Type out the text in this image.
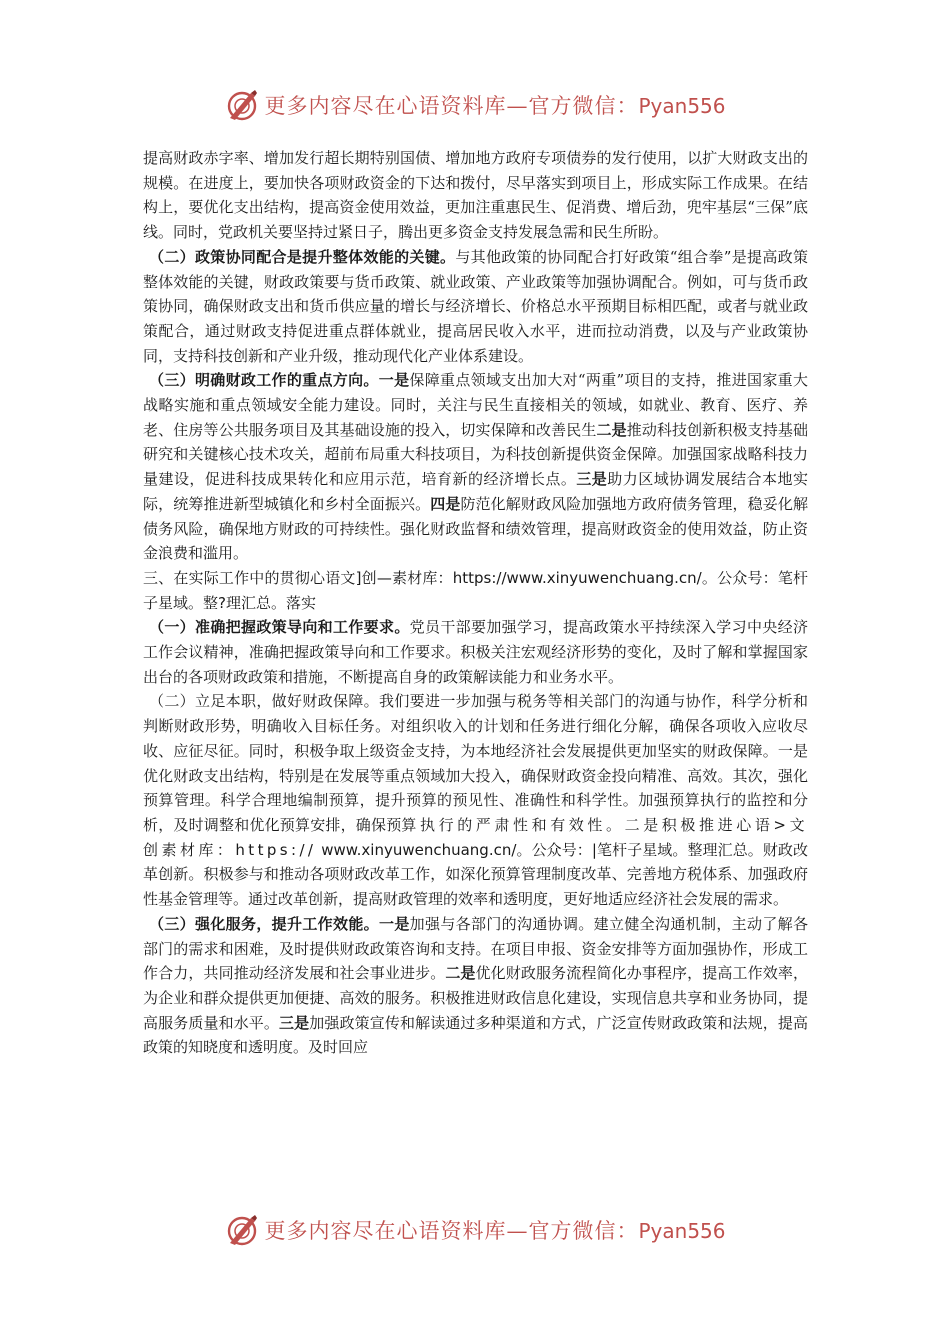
更多内容尽在心语资料库—官方微信：Pyan556

提高财政赤字率、增加发行超长期特别国债、增加地方政府专项债券的发行使用，以扩大财政支出的规模。在进度上，要加快各项财政资金的下达和拨付，尽早落实到项目上，形成实际工作成果。在结构上，要优化支出结构，提高资金使用效益，更加注重惠民生、促消费、增后劲，兜牢基层“三保”底线。同时，党政机关要坚持过紧日子，腾出更多资金支持发展急需和民生所盼。

（二）政策协同配合是提升整体效能的关键。与其他政策的协同配合打好政策“组合拳”是提高政策整体效能的关键，财政政策要与货币政策、就业政策、产业政策等加强协调配合。例如，可与货币政策协同，确保财政支出和货币供应量的增长与经济增长、价格总水平预期目标相匹配，或者与就业政策配合，通过财政支持促进重点群体就业，提高居民收入水平，进而拉动消费，以及与产业政策协同，支持科技创新和产业升级，推动现代化产业体系建设。

（三）明确财政工作的重点方向。一是保障重点领域支出加大对“两重”项目的支持，推进国家重大战略实施和重点领域安全能力建设。同时，关注与民生直接相关的领域，如就业、教育、医疗、养老、住房等公共服务项目及其基础设施的投入，切实保障和改善民生二是推动科技创新积极支持基础研究和关键核心技术攻关，超前布局重大科技项目，为科技创新提供资金保障。加强国家战略科技力量建设，促进科技成果转化和应用示范，培育新的经济增长点。三是助力区域协调发展结合本地实际，统筹推进新型城镇化和乡村全面振兴。四是防范化解财政风险加强地方政府债务管理，稳妥化解债务风险，确保地方财政的可持续性。强化财政监督和绩效管理，提高财政资金的使用效益，防止资金浪费和滥用。

三、在实际工作中的贯彻心语文]创—素材库：https://www.xinyuwenchuang.cn/。公众号：笔杆子星域。整?理汇总。落实

（一）准确把握政策导向和工作要求。党员干部要加强学习，提高政策水平持续深入学习中央经济工作会议精神，准确把握政策导向和工作要求。积极关注宏观经济形势的变化，及时了解和掌握国家出台的各项财政政策和措施，不断提高自身的政策解读能力和业务水平。

（二）立足本职，做好财政保障。我们要进一步加强与税务等相关部门的沟通与协作，科学分析和判断财政形势，明确收入目标任务。对组织收入的计划和任务进行细化分解，确保各项收入应收尽收、应征尽征。同时，积极争取上级资金支持，为本地经济社会发展提供更加坚实的财政保障。一是优化财政支出结构，特别是在发展等重点领域加大投入，确保财政资金投向精准、高效。其次，强化预算管理。科学合理地编制预算，提升预算的预见性、准确性和科学性。加强预算执行的监控和分析，及时调整和优化预算安排，确保预算执行的严肃性和有效性。二是积极推进心语>文创素材库：https:// www.xinyuwenchuang.cn/。公众号：|笔杆子星域。整理汇总。财政改革创新。积极参与和推动各项财政改革工作，如深化预算管理制度改革、完善地方税体系、加强政府性基金管理等。通过改革创新，提高财政管理的效率和透明度，更好地适应经济社会发展的需求。

（三）强化服务，提升工作效能。一是加强与各部门的沟通协调。建立健全沟通机制，主动了解各部门的需求和困难，及时提供财政政策咨询和支持。在项目申报、资金安排等方面加强协作，形成工作合力，共同推动经济发展和社会事业进步。二是优化财政服务流程简化办事程序，提高工作效率，为企业和群众提供更加便捷、高效的服务。积极推进财政信息化建设，实现信息共享和业务协同，提高服务质量和水平。三是加强政策宣传和解读通过多种渠道和方式，广泛宣传财政政策和法规，提高政策的知晓度和透明度。及时回应

更多内容尽在心语资料库—官方微信：Pyan556
